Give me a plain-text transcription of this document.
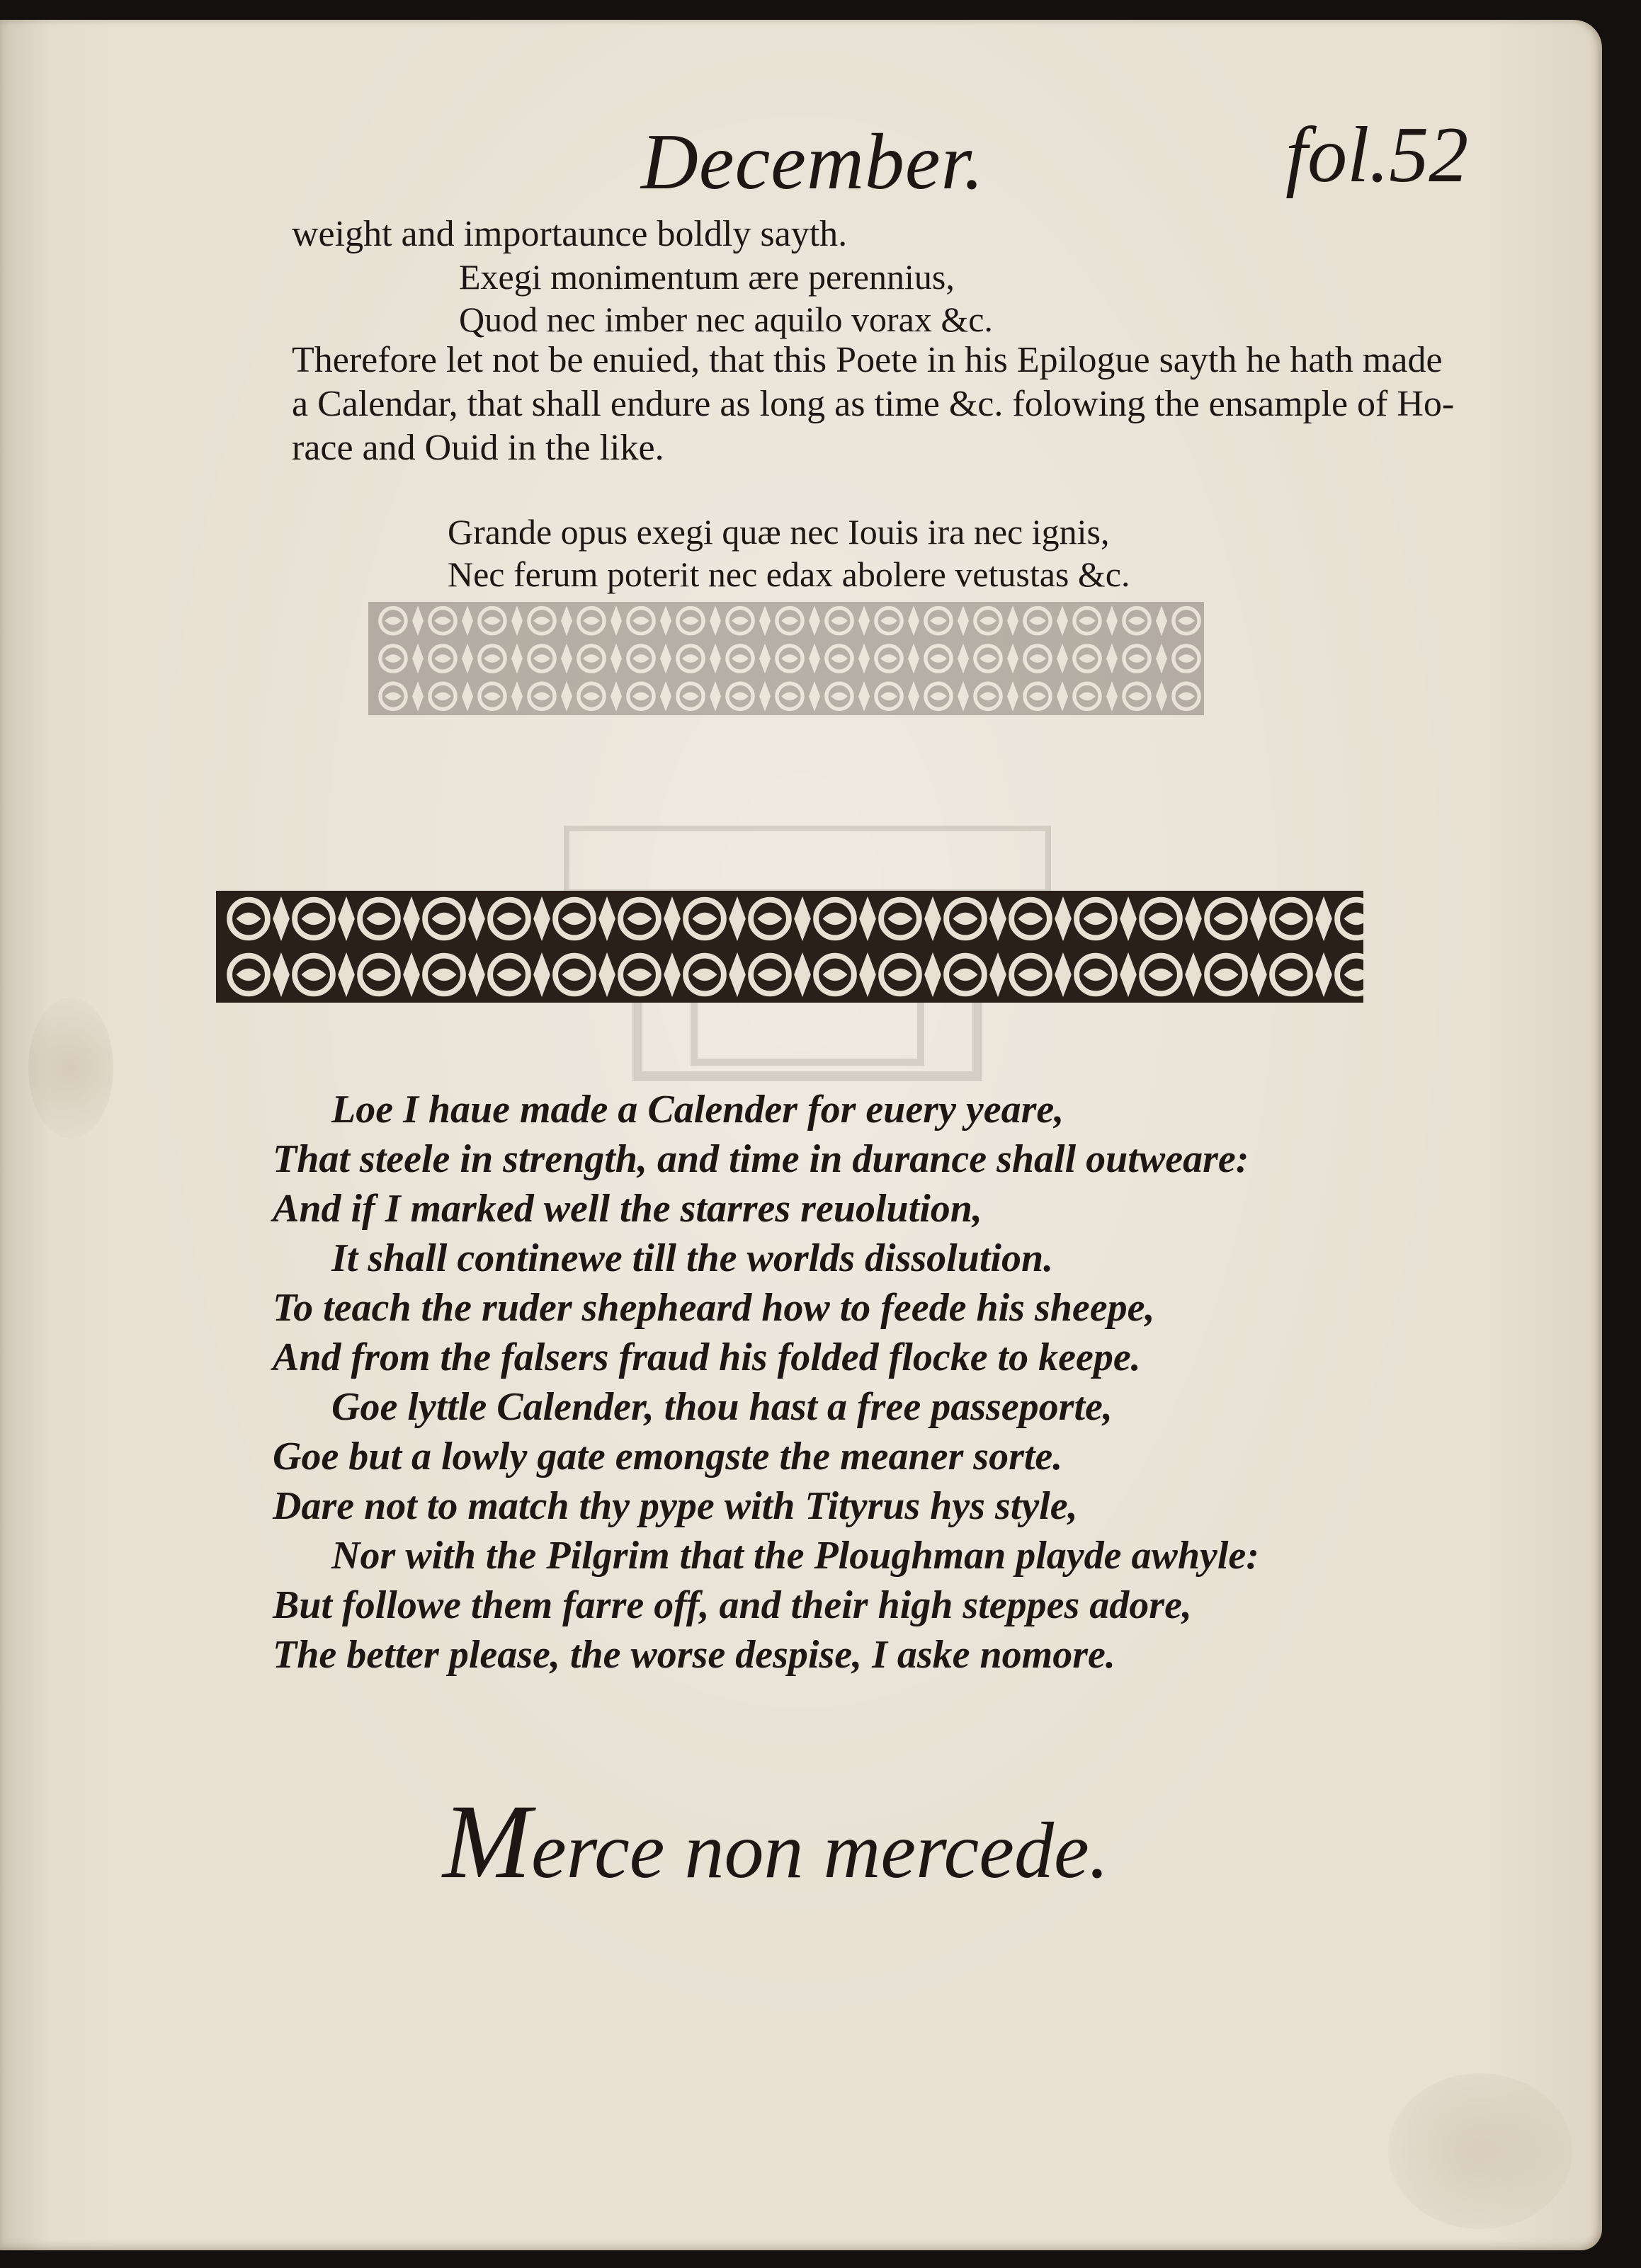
December.	fol.52
weight and importaunce boldly sayth.
Exegi monimentum ære perennius,
Quod nec imber nec aquilo vorax &c.
Therefore let not be enuied, that this Poete in his Epilogue sayth he hath made
a Calendar, that shall endure as long as time &c. folowing the ensample of Ho-
race and Ouid in the like.
Grande opus exegi quæ nec Iouis ira nec ignis,
Nec ferum poterit nec edax abolere vetustas &c.
Loe I haue made a Calender for euery yeare,
That steele in strength, and time in durance shall outweare:
And if I marked well the starres reuolution,
It shall continewe till the worlds dissolution.
To teach the ruder shepheard how to feede his sheepe,
And from the falsers fraud his folded flocke to keepe.
Goe lyttle Calender, thou hast a free passeporte,
Goe but a lowly gate emongste the meaner sorte.
Dare not to match thy pype with Tityrus hys style,
Nor with the Pilgrim that the Ploughman playde awhyle:
But followe them farre off, and their high steppes adore,
The better please, the worse despise, I aske nomore.
Merce non mercede.
